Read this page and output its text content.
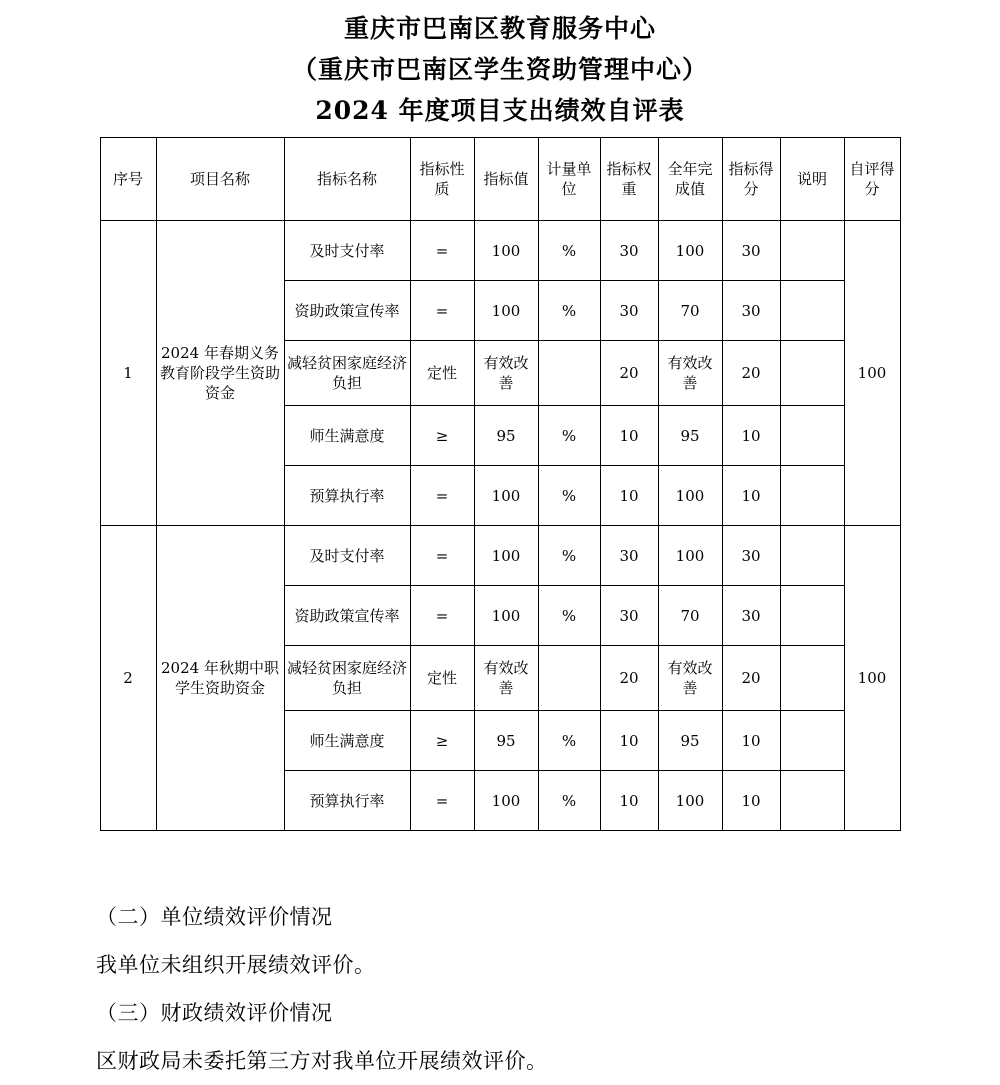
重庆市巴南区教育服务中心
（重庆市巴南区学生资助管理中心）
2024 年度项目支出绩效自评表
序号	项目名称	指标名称	指标性质	指标值	计量单位	指标权重	全年完成值	指标得分	说明	自评得分
1	2024 年春期义务教育阶段学生资助资金	及时支付率	=	100	%	30	100	30		100
		资助政策宣传率	=	100	%	30	70	30		
		减轻贫困家庭经济负担	定性	有效改善		20	有效改善	20		
		师生满意度	≥	95	%	10	95	10		
		预算执行率	=	100	%	10	100	10		
2	2024 年秋期中职学生资助资金	及时支付率	=	100	%	30	100	30		100
		资助政策宣传率	=	100	%	30	70	30		
		减轻贫困家庭经济负担	定性	有效改善		20	有效改善	20		
		师生满意度	≥	95	%	10	95	10		
		预算执行率	=	100	%	10	100	10		
（二）单位绩效评价情况
我单位未组织开展绩效评价。
（三）财政绩效评价情况
区财政局未委托第三方对我单位开展绩效评价。
